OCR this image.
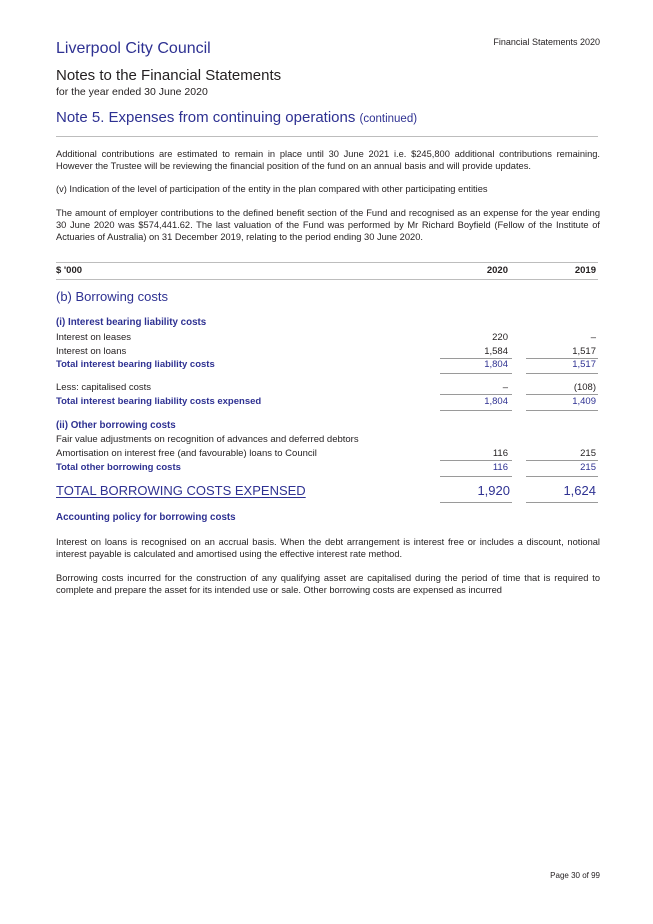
Financial Statements 2020
Liverpool City Council
Notes to the Financial Statements
for the year ended 30 June 2020
Note 5. Expenses from continuing operations (continued)
Additional contributions are estimated to remain in place until 30 June 2021 i.e. $245,800 additional contributions remaining. However the Trustee will be reviewing the financial position of the fund on an annual basis and will provide updates.
(v) Indication of the level of participation of the entity in the plan compared with other participating entities
The amount of employer contributions to the defined benefit section of the Fund and recognised as an expense for the year ending 30 June 2020 was $574,441.62. The last valuation of the Fund was performed by Mr Richard Boyfield (Fellow of the Institute of Actuaries of Australia) on 31 December 2019, relating to the period ending 30 June 2020.
$ '000	2020	2019
(b) Borrowing costs
(i) Interest bearing liability costs
Interest on leases	220	–
Interest on loans	1,584	1,517
Total interest bearing liability costs	1,804	1,517
Less: capitalised costs	–	(108)
Total interest bearing liability costs expensed	1,804	1,409
(ii) Other borrowing costs
Fair value adjustments on recognition of advances and deferred debtors
Amortisation on interest free (and favourable) loans to Council	116	215
Total other borrowing costs	116	215
TOTAL BORROWING COSTS EXPENSED	1,920	1,624
Accounting policy for borrowing costs
Interest on loans is recognised on an accrual basis. When the debt arrangement is interest free or includes a discount, notional interest payable is calculated and amortised using the effective interest rate method.
Borrowing costs incurred for the construction of any qualifying asset are capitalised during the period of time that is required to complete and prepare the asset for its intended use or sale. Other borrowing costs are expensed as incurred
Page 30 of 99
